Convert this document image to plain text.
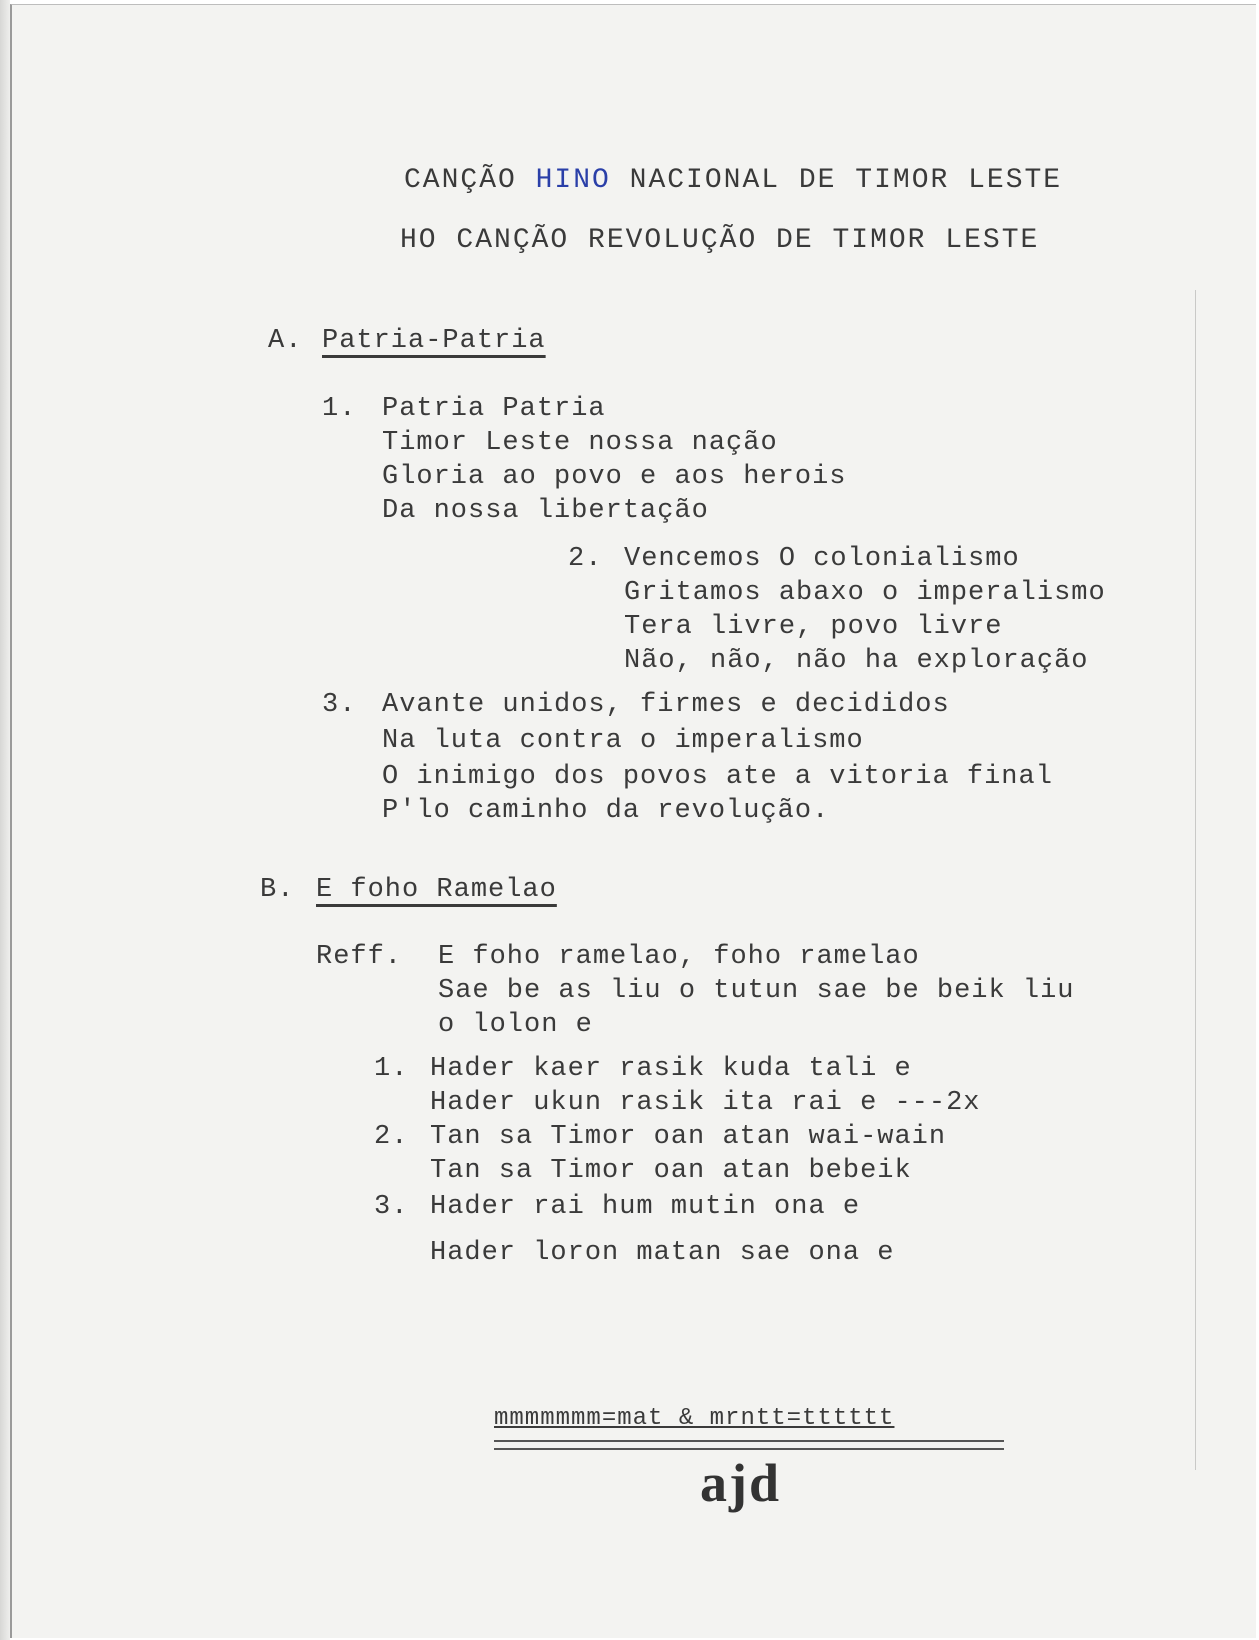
CANÇÃO HINO NACIONAL DE TIMOR LESTE
HO CANÇÃO REVOLUÇÃO DE TIMOR LESTE
A. Patria-Patria
1. Patria Patria
Timor Leste nossa nação
Gloria ao povo e aos herois
Da nossa libertação
2. Vencemos O colonialismo
Gritamos abaxo o imperalismo
Tera livre, povo livre
Não, não, não ha exploração
3. Avante unidos, firmes e decididos
Na luta contra o imperalismo
O inimigo dos povos ate a vitoria final
P'lo caminho da revolução.
B. E foho Ramelao
Reff. E foho ramelao, foho ramelao
Sae be as liu o tutun sae be beik liu
o lolon e
1. Hader kaer rasik kuda tali e
Hader ukun rasik ita rai e ---2x
2. Tan sa Timor oan atan wai-wain
Tan sa Timor oan atan bebeik
3. Hader rai hum mutin ona e
Hader loron matan sae ona e
mmmmmmm=mat & mrntt=tttttt
ajd
